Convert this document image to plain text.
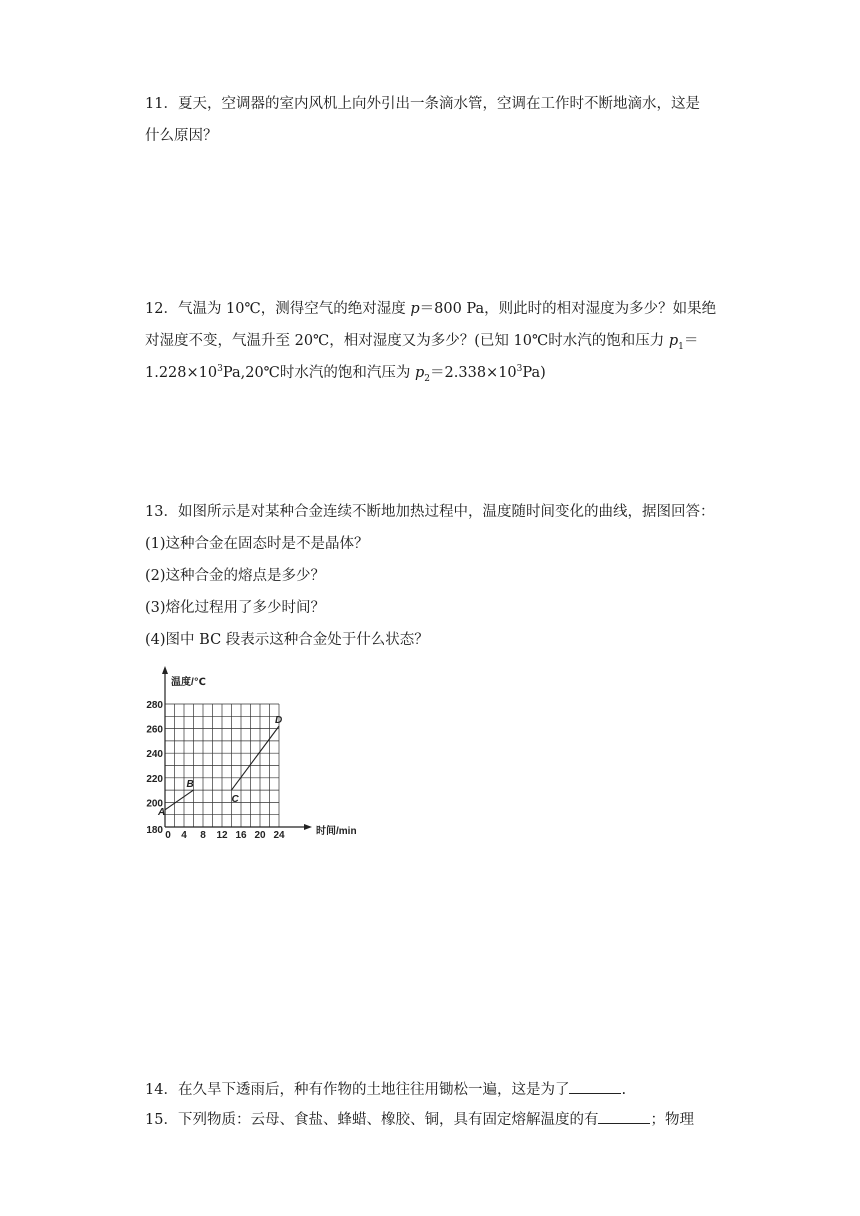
11．夏天，空调器的室内风机上向外引出一条滴水管，空调在工作时不断地滴水，这是

什么原因？

12．气温为 10℃，测得空气的绝对湿度 p＝800 Pa，则此时的相对湿度为多少？如果绝

对湿度不变，气温升至 20℃，相对湿度又为多少？(已知 10℃时水汽的饱和压力 $p_1=$

$1.228\times 10^3Pa,20℃$时水汽的饱和汽压为 $p_2=2.338\times 10^3Pa$)

13．如图所示是对某种合金连续不断地加热过程中，温度随时间变化的曲线，据图回答：

(1)这种合金在固态时是不是晶体？

(2)这种合金的熔点是多少？

(3)熔化过程用了多少时间？

(4)图中 BC 段表示这种合金处于什么状态？

温度/℃
时间/min
0 4 8 12 16 20 24
180
200
220
240
260
280
A
B
C
D

14．在久旱下透雨后，种有作物的土地往往用锄松一遍，这是为了	.

15．下列物质：云母、食盐、蜂蜡、橡胶、铜，具有固定熔解温度的有	；物理
